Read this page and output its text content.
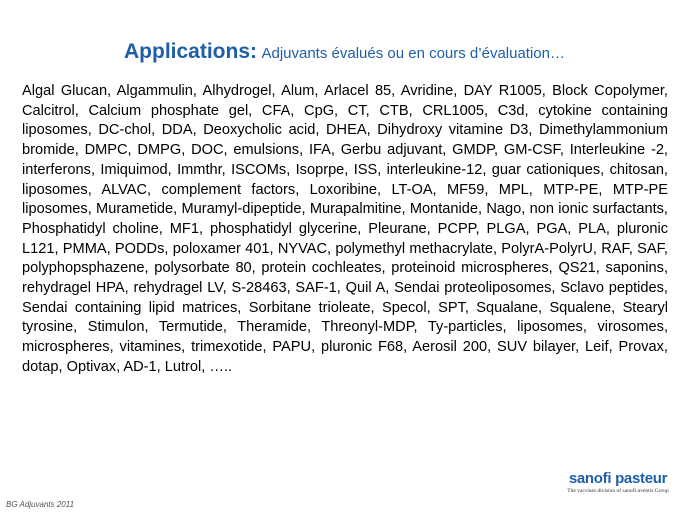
Applications: Adjuvants évalués ou en cours d’évaluation…

Algal Glucan, Algammulin, Alhydrogel, Alum, Arlacel 85, Avridine, DAY R1005, Block Copolymer, Calcitrol, Calcium phosphate gel, CFA, CpG, CT, CTB, CRL1005, C3d, cytokine containing liposomes, DC-chol, DDA, Deoxycholic acid, DHEA, Dihydroxy vitamine D3, Dimethylammonium bromide, DMPC, DMPG, DOC, emulsions, IFA, Gerbu adjuvant, GMDP, GM-CSF, Interleukine -2, interferons, Imiquimod, Immthr, ISCOMs, Isoprpe, ISS, interleukine-12, guar cationiques, chitosan, liposomes, ALVAC, complement factors, Loxoribine, LT-OA, MF59, MPL, MTP-PE, MTP-PE liposomes, Murametide, Muramyl-dipeptide, Murapalmitine, Montanide, Nago, non ionic surfactants, Phosphatidyl choline, MF1, phosphatidyl glycerine, Pleurane, PCPP, PLGA, PGA, PLA, pluronic L121, PMMA, PODDs, poloxamer 401, NYVAC, polymethyl methacrylate, PolyrA-PolyrU, RAF, SAF, polyphopsphazene, polysorbate 80, protein cochleates, proteinoid microspheres, QS21, saponins, rehydragel HPA, rehydragel LV, S-28463, SAF-1, Quil A, Sendai proteoliposomes, Sclavo peptides, Sendai containing lipid matrices, Sorbitane trioleate, Specol, SPT, Squalane, Squalene, Stearyl tyrosine, Stimulon, Termutide, Theramide, Threonyl-MDP, Ty-particles, liposomes, virosomes, microspheres, vitamines, trimexotide, PAPU, pluronic F68, Aerosil 200, SUV bilayer, Leif, Provax, dotap, Optivax, AD-1, Lutrol, …..

BG Adjuvants 2011
sanofi pasteur
The vaccines division of sanofi-aventis Group
